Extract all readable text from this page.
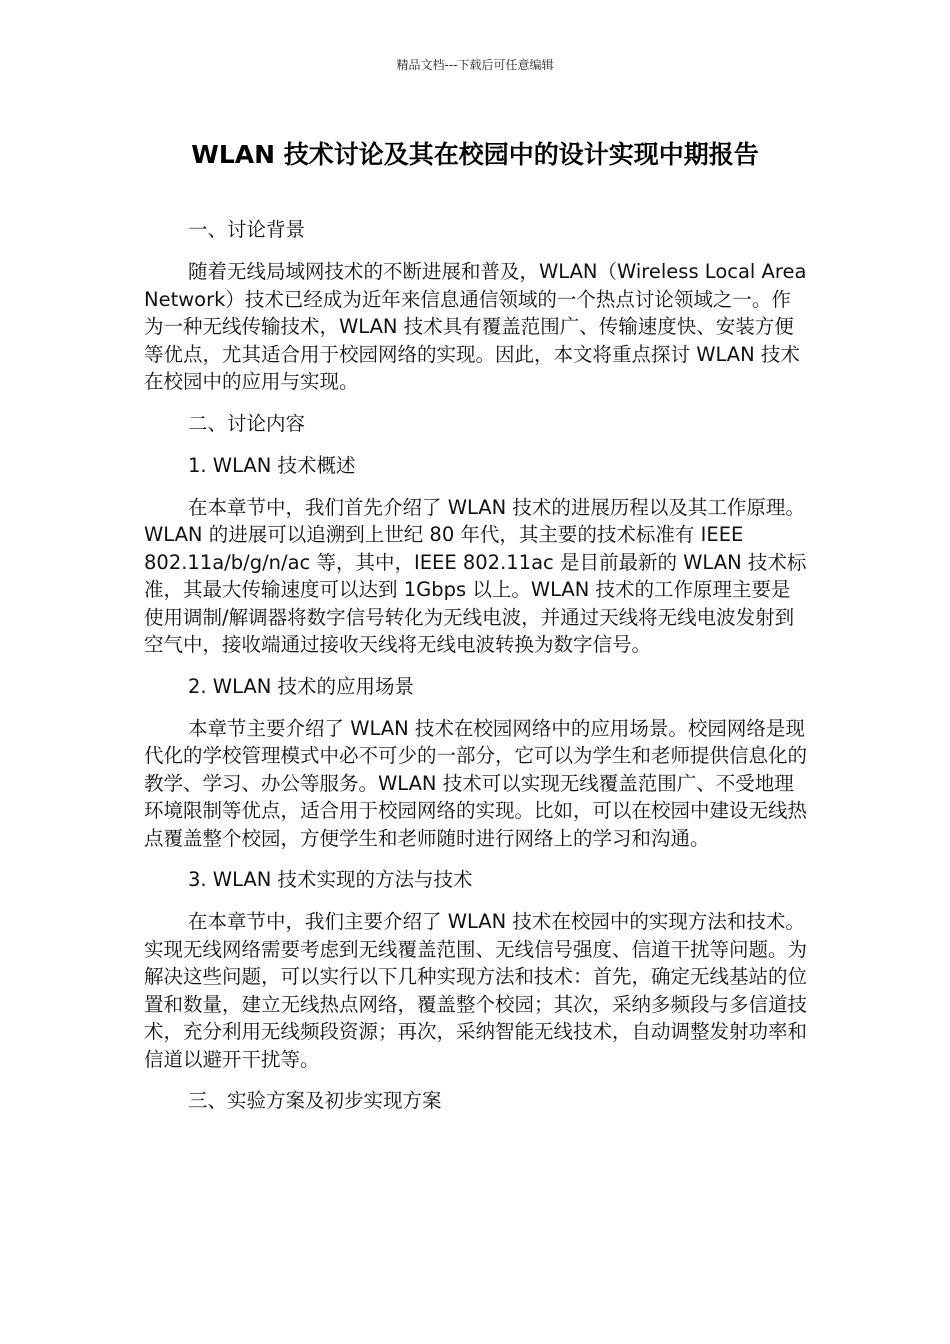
精品文档---下载后可任意编辑
WLAN 技术讨论及其在校园中的设计实现中期报告

一、讨论背景

随着无线局域网技术的不断进展和普及，WLAN（Wireless Local Area Network）技术已经成为近年来信息通信领域的一个热点讨论领域之一。作为一种无线传输技术，WLAN 技术具有覆盖范围广、传输速度快、安装方便等优点，尤其适合用于校园网络的实现。因此，本文将重点探讨 WLAN 技术在校园中的应用与实现。

二、讨论内容

1. WLAN 技术概述

在本章节中，我们首先介绍了 WLAN 技术的进展历程以及其工作原理。WLAN 的进展可以追溯到上世纪 80 年代，其主要的技术标准有 IEEE 802.11a/b/g/n/ac 等，其中，IEEE 802.11ac 是目前最新的 WLAN 技术标准，其最大传输速度可以达到 1Gbps 以上。WLAN 技术的工作原理主要是使用调制/解调器将数字信号转化为无线电波，并通过天线将无线电波发射到空气中，接收端通过接收天线将无线电波转换为数字信号。

2. WLAN 技术的应用场景

本章节主要介绍了 WLAN 技术在校园网络中的应用场景。校园网络是现代化的学校管理模式中必不可少的一部分，它可以为学生和老师提供信息化的教学、学习、办公等服务。WLAN 技术可以实现无线覆盖范围广、不受地理环境限制等优点，适合用于校园网络的实现。比如，可以在校园中建设无线热点覆盖整个校园，方便学生和老师随时进行网络上的学习和沟通。

3. WLAN 技术实现的方法与技术

在本章节中，我们主要介绍了 WLAN 技术在校园中的实现方法和技术。实现无线网络需要考虑到无线覆盖范围、无线信号强度、信道干扰等问题。为解决这些问题，可以实行以下几种实现方法和技术：首先，确定无线基站的位置和数量，建立无线热点网络，覆盖整个校园；其次，采纳多频段与多信道技术，充分利用无线频段资源；再次，采纳智能无线技术，自动调整发射功率和信道以避开干扰等。

三、实验方案及初步实现方案
